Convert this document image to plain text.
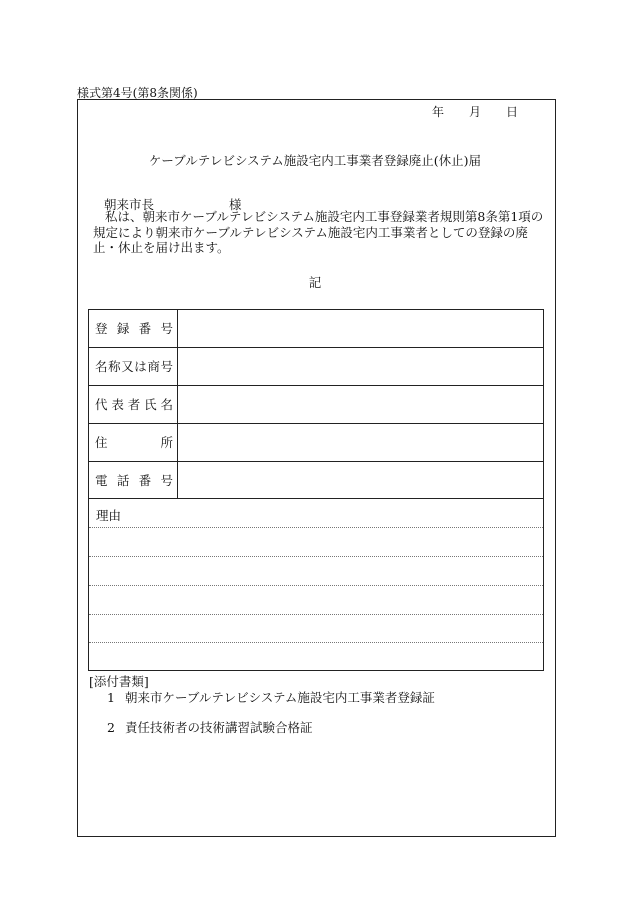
様式第4号(第8条関係)
年 月 日
ケーブルテレビシステム施設宅内工事業者登録廃止(休止)届
朝来市長	様

私は、朝来市ケーブルテレビシステム施設宅内工事登録業者規則第8条第1項の規定により朝来市ケーブルテレビシステム施設宅内工事業者としての登録の廃止・休止を届け出ます。

記
登録番号
名称又は商号
代表者氏名
住所
電話番号
理由
[添付書類]
1 朝来市ケーブルテレビシステム施設宅内工事業者登録証
2 責任技術者の技術講習試験合格証
